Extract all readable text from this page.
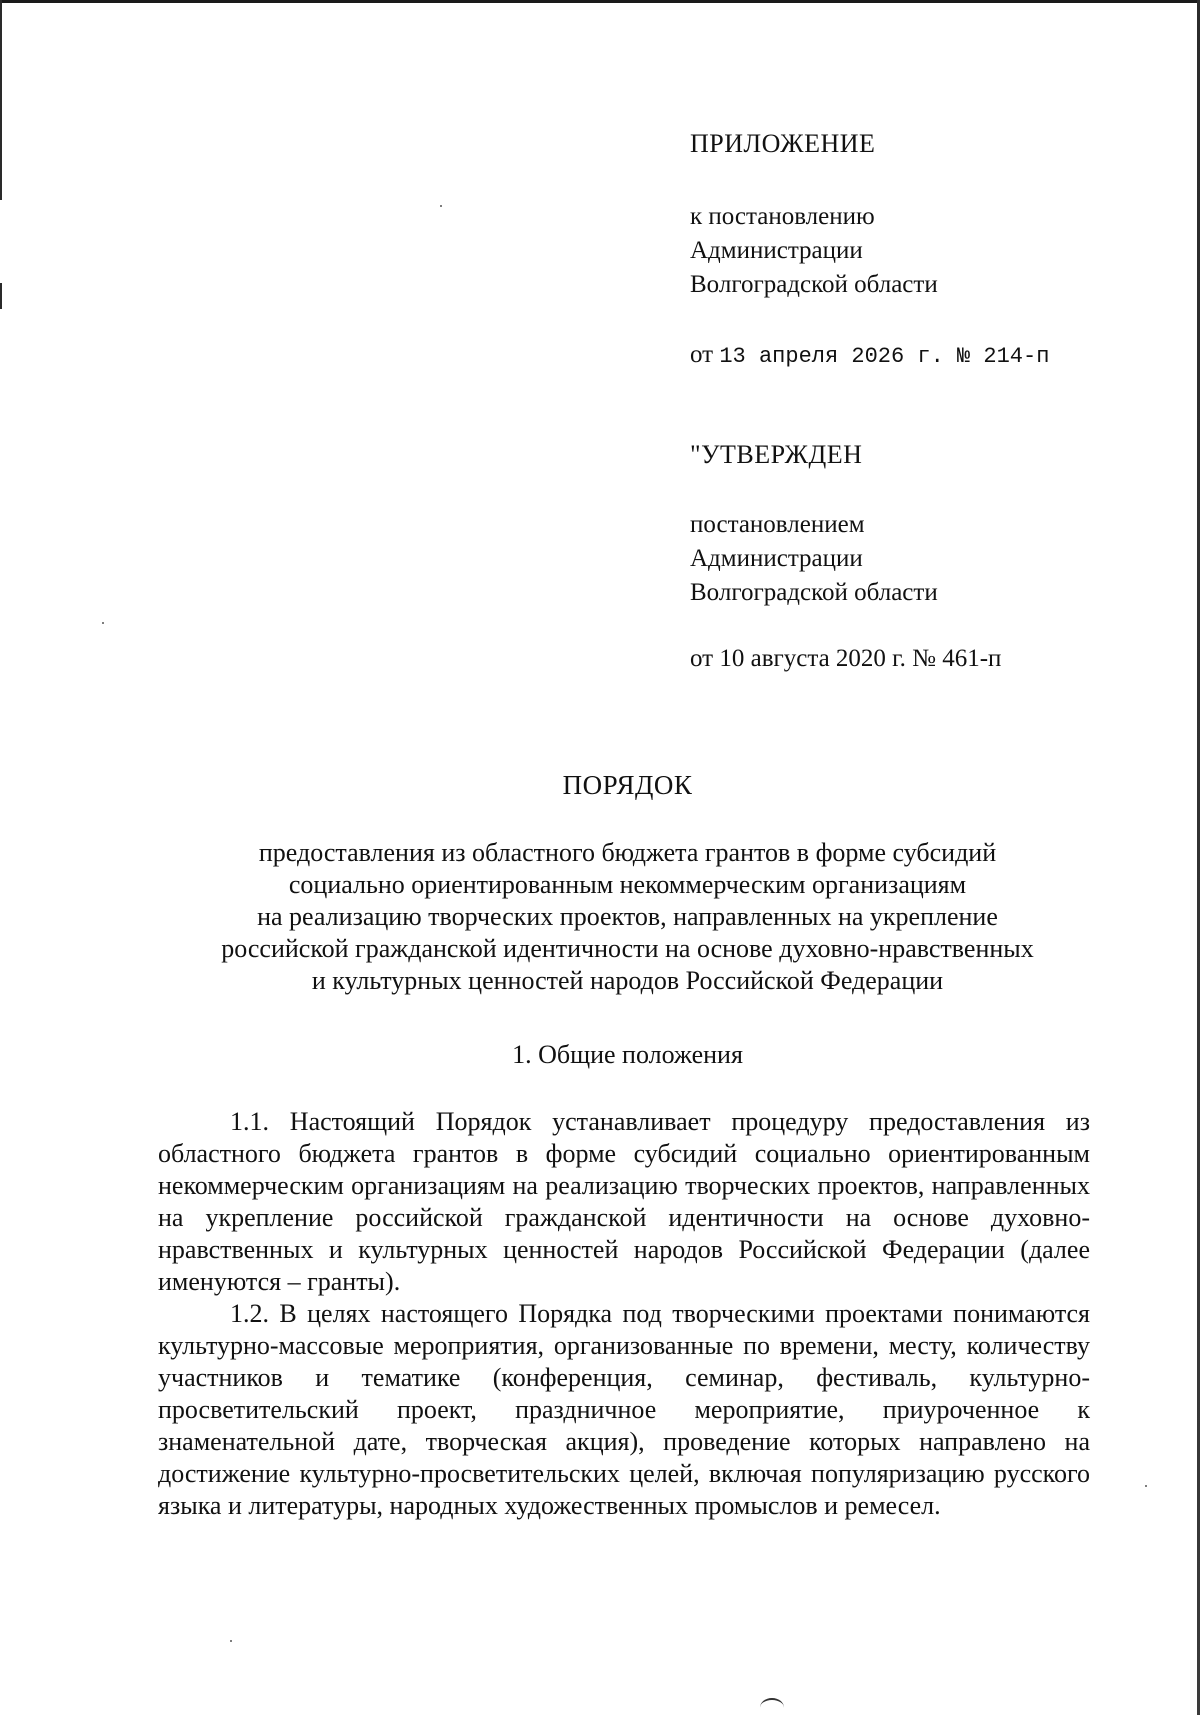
ПРИЛОЖЕНИЕ
к постановлению
Администрации
Волгоградской области
от 13 апреля 2026 г. № 214-п
"УТВЕРЖДЕН
постановлением
Администрации
Волгоградской области
от 10 августа 2020 г. № 461-п
ПОРЯДОК
предоставления из областного бюджета грантов в форме субсидий
социально ориентированным некоммерческим организациям
на реализацию творческих проектов, направленных на укрепление
российской гражданской идентичности на основе духовно-нравственных
и культурных ценностей народов Российской Федерации
1. Общие положения

1.1. Настоящий Порядок устанавливает процедуру предоставления из областного бюджета грантов в форме субсидий социально ориентированным некоммерческим организациям на реализацию творческих проектов, направленных на укрепление российской гражданской идентичности на основе духовно-нравственных и культурных ценностей народов Российской Федерации (далее именуются – гранты).

1.2. В целях настоящего Порядка под творческими проектами понимаются культурно-массовые мероприятия, организованные по времени, месту, количеству участников и тематике (конференция, семинар, фестиваль, культурно-просветительский проект, праздничное мероприятие, приуроченное к знаменательной дате, творческая акция), проведение которых направлено на достижение культурно-просветительских целей, включая популяризацию русского языка и литературы, народных художественных промыслов и ремесел.
